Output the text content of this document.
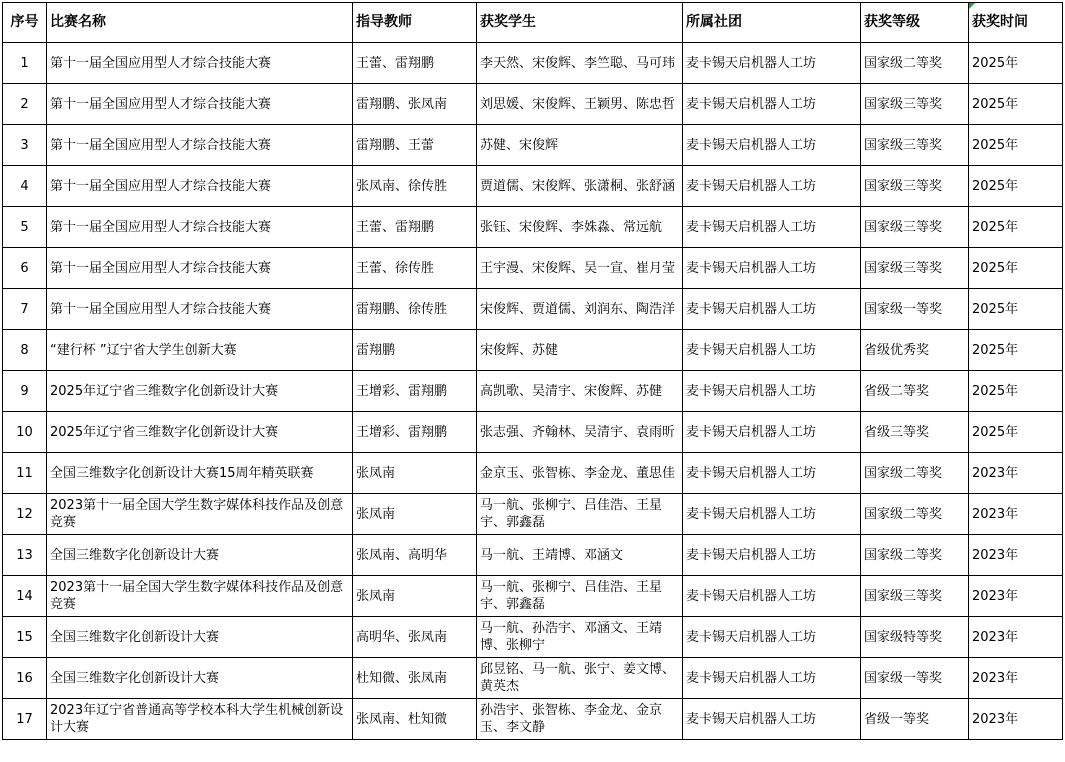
序号	比赛名称	指导教师	获奖学生	所属社团	获奖等级	获奖时间
1	第十一届全国应用型人才综合技能大赛	王蕾、雷翔鹏	李天然、宋俊辉、李竺聪、马可玮	麦卡锡天启机器人工坊	国家级二等奖	2025年
2	第十一届全国应用型人才综合技能大赛	雷翔鹏、张凤南	刘思媛、宋俊辉、王颖男、陈忠哲	麦卡锡天启机器人工坊	国家级三等奖	2025年
3	第十一届全国应用型人才综合技能大赛	雷翔鹏、王蕾	苏健、宋俊辉	麦卡锡天启机器人工坊	国家级三等奖	2025年
4	第十一届全国应用型人才综合技能大赛	张凤南、徐传胜	贾道儒、宋俊辉、张潇桐、张舒涵	麦卡锡天启机器人工坊	国家级三等奖	2025年
5	第十一届全国应用型人才综合技能大赛	王蕾、雷翔鹏	张钰、宋俊辉、李姝淼、常远航	麦卡锡天启机器人工坊	国家级三等奖	2025年
6	第十一届全国应用型人才综合技能大赛	王蕾、徐传胜	王宇漫、宋俊辉、吴一宣、崔月莹	麦卡锡天启机器人工坊	国家级三等奖	2025年
7	第十一届全国应用型人才综合技能大赛	雷翔鹏、徐传胜	宋俊辉、贾道儒、刘润东、陶浩洋	麦卡锡天启机器人工坊	国家级一等奖	2025年
8	“建行杯 ”辽宁省大学生创新大赛	雷翔鹏	宋俊辉、苏健	麦卡锡天启机器人工坊	省级优秀奖	2025年
9	2025年辽宁省三维数字化创新设计大赛	王增彩、雷翔鹏	高凯歌、吴清宇、宋俊辉、苏健	麦卡锡天启机器人工坊	省级二等奖	2025年
10	2025年辽宁省三维数字化创新设计大赛	王增彩、雷翔鹏	张志强、齐翰林、吴清宇、袁雨昕	麦卡锡天启机器人工坊	省级三等奖	2025年
11	全国三维数字化创新设计大赛15周年精英联赛	张凤南	金京玉、张智栋、李金龙、董思佳	麦卡锡天启机器人工坊	国家级二等奖	2023年
12	2023第十一届全国大学生数字媒体科技作品及创意竞赛	张凤南	马一航、张柳宁、吕佳浩、王星宇、郭鑫磊	麦卡锡天启机器人工坊	国家级二等奖	2023年
13	全国三维数字化创新设计大赛	张凤南、高明华	马一航、王靖博、邓涵文	麦卡锡天启机器人工坊	国家级二等奖	2023年
14	2023第十一届全国大学生数字媒体科技作品及创意竞赛	张凤南	马一航、张柳宁、吕佳浩、王星宇、郭鑫磊	麦卡锡天启机器人工坊	国家级三等奖	2023年
15	全国三维数字化创新设计大赛	高明华、张凤南	马一航、孙浩宇、邓涵文、王靖博、张柳宁	麦卡锡天启机器人工坊	国家级特等奖	2023年
16	全国三维数字化创新设计大赛	杜知微、张凤南	邱昱铭、马一航、张宁、姜文博、黄英杰	麦卡锡天启机器人工坊	国家级一等奖	2023年
17	2023年辽宁省普通高等学校本科大学生机械创新设计大赛	张凤南、杜知微	孙浩宇、张智栋、李金龙、金京玉、李文静	麦卡锡天启机器人工坊	省级一等奖	2023年
